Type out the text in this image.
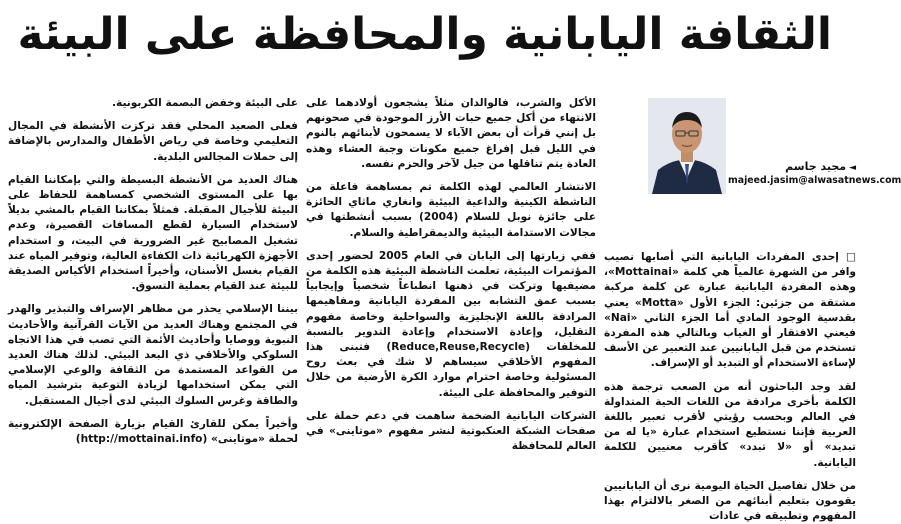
الثقافة اليابانية والمحافظة على البيئة
◄مجيد جاسم
majeed.jasim@alwasatnews.com

□ إحدى المفردات اليابانية التي أصابها نصيب وافر من الشهرة عالمياً هي كلمة «Mottainai»، وهذه المفردة اليابانية عبارة عن كلمة مركبة مشتقة من جزئين: الجزء الأول «Motta» يعني بقدسية الوجود المادي أما الجزء الثاني «Nai» فيعني الافتقار أو الغياب وبالتالي هذه المفردة تستخدم من قبل اليابانيين عند التعبير عن الأسف لإساءة الاستخدام أو التبديد أو الإسراف.

لقد وجد الباحثون أنه من الصعب ترجمة هذه الكلمة بأخرى مرادفة من اللغات الحية المتداولة في العالم وبحسب رؤيتي لأقرب تعبير باللغة العربية فإننا نستطيع استخدام عبارة «يا له من تبديد» أو «لا تبدد» كأقرب معنيين للكلمة اليابانية.

من خلال تفاصيل الحياة اليومية نرى أن اليابانيين يقومون بتعليم أبنائهم من الصغر بالالتزام بهذا المفهوم وتطبيقه في عادات

الأكل والشرب، فالوالدان مثلاً يشجعون أولادهما على الانتهاء من أكل جميع حبات الأرز الموجودة في صحونهم بل إنني قرأت أن بعض الآباء لا يسمحون لأبنائهم بالنوم في الليل قبل إفراغ جميع مكونات وجبة العشاء وهذه العادة يتم تناقلها من جيل لآخر والحزم نفسه.

الانتشار العالمي لهذه الكلمة تم بمساهمة فاعلة من الناشطة الكينية والداعية البيئية وانغاري ماثاي الحائزة على جائزة نوبل للسلام (2004) بسبب أنشطتها في مجالات الاستدامة البيئية والديمقراطية والسلام.

ففي زيارتها إلى اليابان في العام 2005 لحضور إحدى المؤتمرات البيئية، تعلمت الناشطة البيئية هذه الكلمة من مضيفيها وتركت في ذهنها انطباعاً شخصياً وإيجابياً بسبب عمق التشابه بين المفردة اليابانية ومفاهيمها المرادفة باللغة الإنجليزية والسواحلية وخاصة مفهوم التقليل، وإعادة الاستخدام وإعادة التدوير بالنسبة للمخلفات (Reduce,Reuse,Recycle) فتبنى هذا المفهوم الأخلاقي سيساهم لا شك في بعث روح المسئولية وخاصة احترام موارد الكرة الأرضية من خلال التوفير والمحافظة على البيئة.

الشركات اليابانية الضخمة ساهمت في دعم حملة على صفحات الشبكة العنكبوتية لنشر مفهوم «موتاينى» في العالم للمحافظة

على البيئة وخفض البصمة الكربونية.

فعلى الصعيد المحلي فقد تركزت الأنشطة في المجال التعليمي وخاصة في رياض الأطفال والمدارس بالإضافة إلى حملات المجالس البلدية.

هناك العديد من الأنشطة البسيطة والتي بإمكاننا القيام بها على المستوى الشخصي كمساهمة للحفاظ على البيئة للأجيال المقبلة. فمثلاً بمكاننا القيام بالمشي بديلاً لاستخدام السيارة لقطع المسافات القصيرة، وعدم تشغيل المصابيح غير الضرورية في البيت، و استخدام الأجهزة الكهربائية ذات الكفاءة العالية، وتوفير المياه عند القيام بغسل الأسنان، وأخيراً استخدام الأكياس الصديقة للبيئة عند القيام بعملية التسوق.

بيننا الإسلامي يحذر من مظاهر الإسراف والتبذير والهدر في المجتمع وهناك العديد من الآيات القرآنية والأحاديث النبوية ووصايا وأحاديث الأئمة التي تصب في هذا الاتجاه السلوكي والأخلاقي ذي البعد البيئي. لذلك هناك العديد من القواعد المستمدة من الثقافة والوعي الإسلامي التي يمكن استخدامها لزيادة التوعية بترشيد المياه والطاقة وغرس السلوك البيئي لدى أجيال المستقبل.

وأخيراً يمكن للقارئ القيام بزيارة الصفحة الإلكترونية لحملة «موتاينى» (http://mottainai.info)
